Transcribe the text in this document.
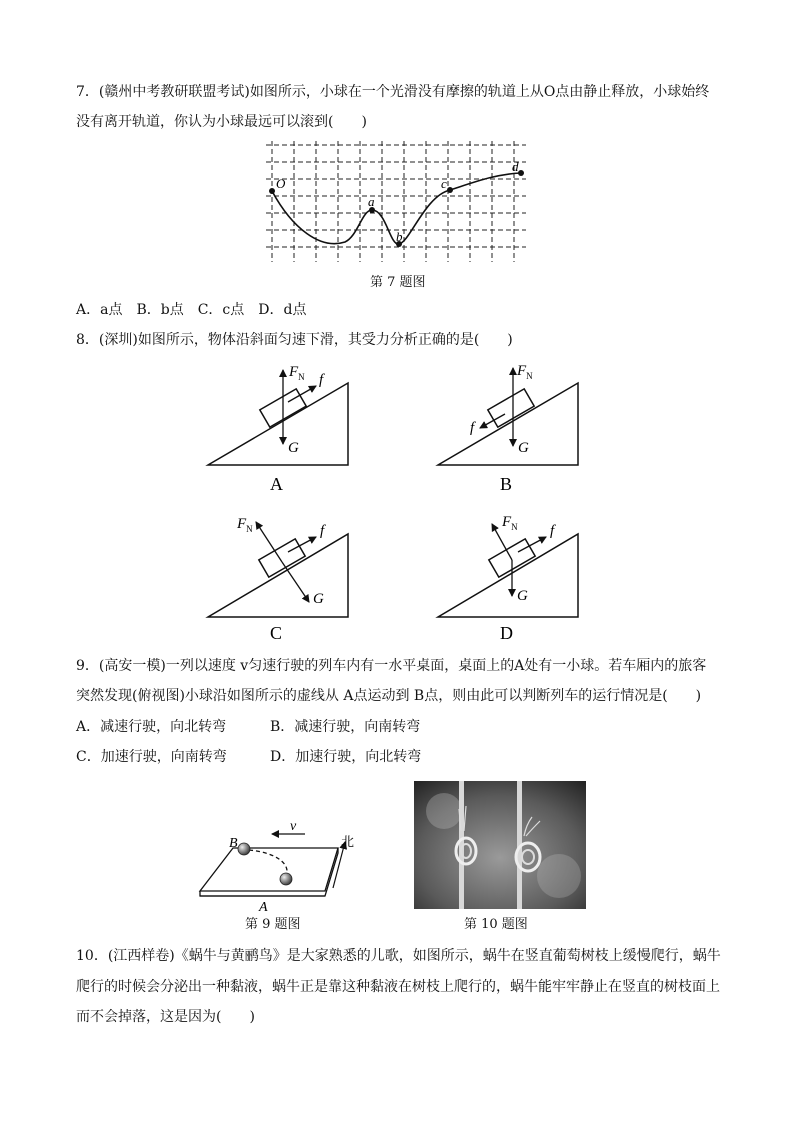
7．(赣州中考教研联盟考试)如图所示，小球在一个光滑没有摩擦的轨道上从O点由静止释放，小球始终
没有离开轨道，你认为小球最远可以滚到(　　)
O
a
b
c
d
第 7 题图
A．a点　B．b点　C．c点　D．d点
8．(深圳)如图所示，物体沿斜面匀速下滑，其受力分析正确的是(　　)
$F_N$ f
G
A
$F_N$
f
G
B
$F_N$	f
G
C
$F_N$ f
G
D
9．(高安一模)一列以速度 v匀速行驶的列车内有一水平桌面，桌面上的A处有一小球。若车厢内的旅客
突然发现(俯视图)小球沿如图所示的虚线从 A点运动到 B点，则由此可以判断列车的运行情况是(　　)
A．减速行驶，向北转弯	B．减速行驶，向南转弯
C．加速行驶，向南转弯	D．加速行驶，向北转弯
B
A
v
北
第 9 题图	第 10 题图
10．(江西样卷)《蜗牛与黄鹂鸟》是大家熟悉的儿歌，如图所示，蜗牛在竖直葡萄树枝上缓慢爬行，蜗牛
爬行的时候会分泌出一种黏液，蜗牛正是靠这种黏液在树枝上爬行的，蜗牛能牢牢静止在竖直的树枝面上
而不会掉落，这是因为(　　)
